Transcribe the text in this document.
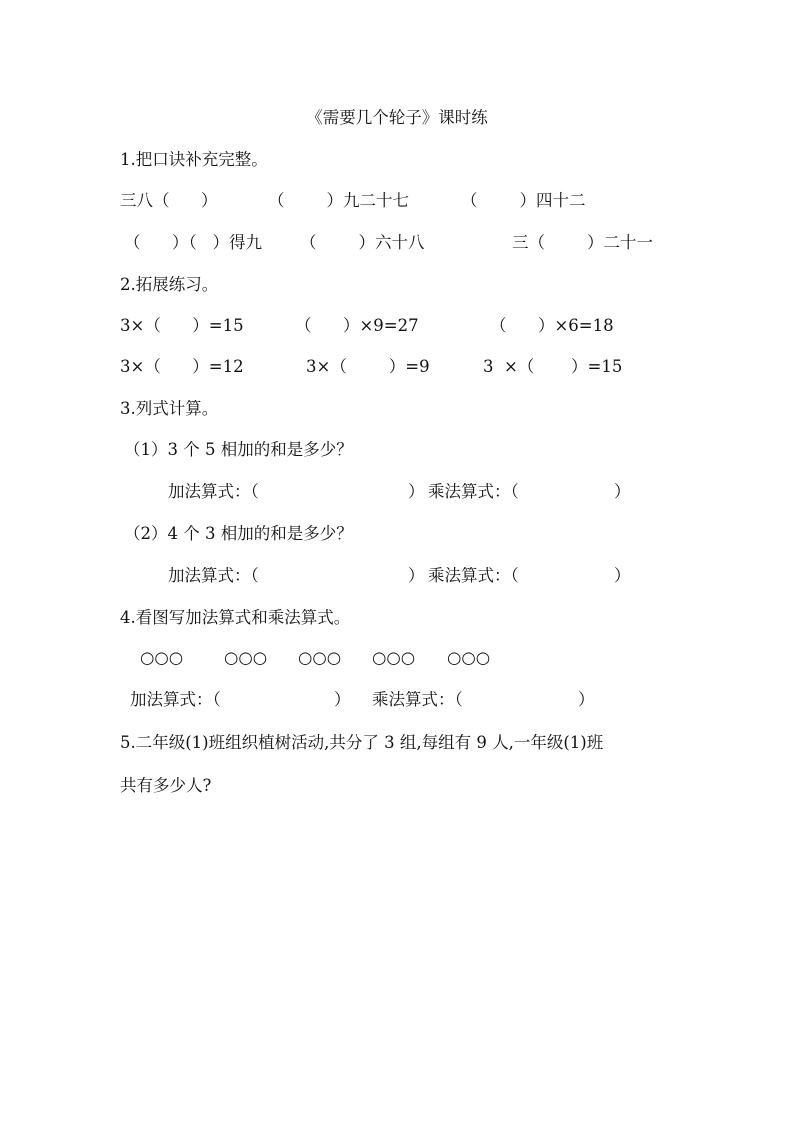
《需要几个轮子》课时练
1.把口诀补充完整。
三八（      ）	（        ）九二十七	（        ）四十二
（      ）（   ）得九 （        ）六十八	三（        ）二十一
2.拓展练习。
3×（      ）=15	（      ）×9=27	（      ）×6=18
3×（      ）=12	3×（        ）=9	3  ×（       ）=15
3.列式计算。
（1）3 个 5 相加的和是多少？
加法算式：（	） 乘法算式：（	）
（2）4 个 3 相加的和是多少？
加法算式：（	） 乘法算式：（	）
4.看图写加法算式和乘法算式。
○○○ ○○○ ○○○ ○○○ ○○○
加法算式：（	） 乘法算式：（	）
5.二年级(1)班组织植树活动,共分了 3 组,每组有 9 人,一年级(1)班
共有多少人?
